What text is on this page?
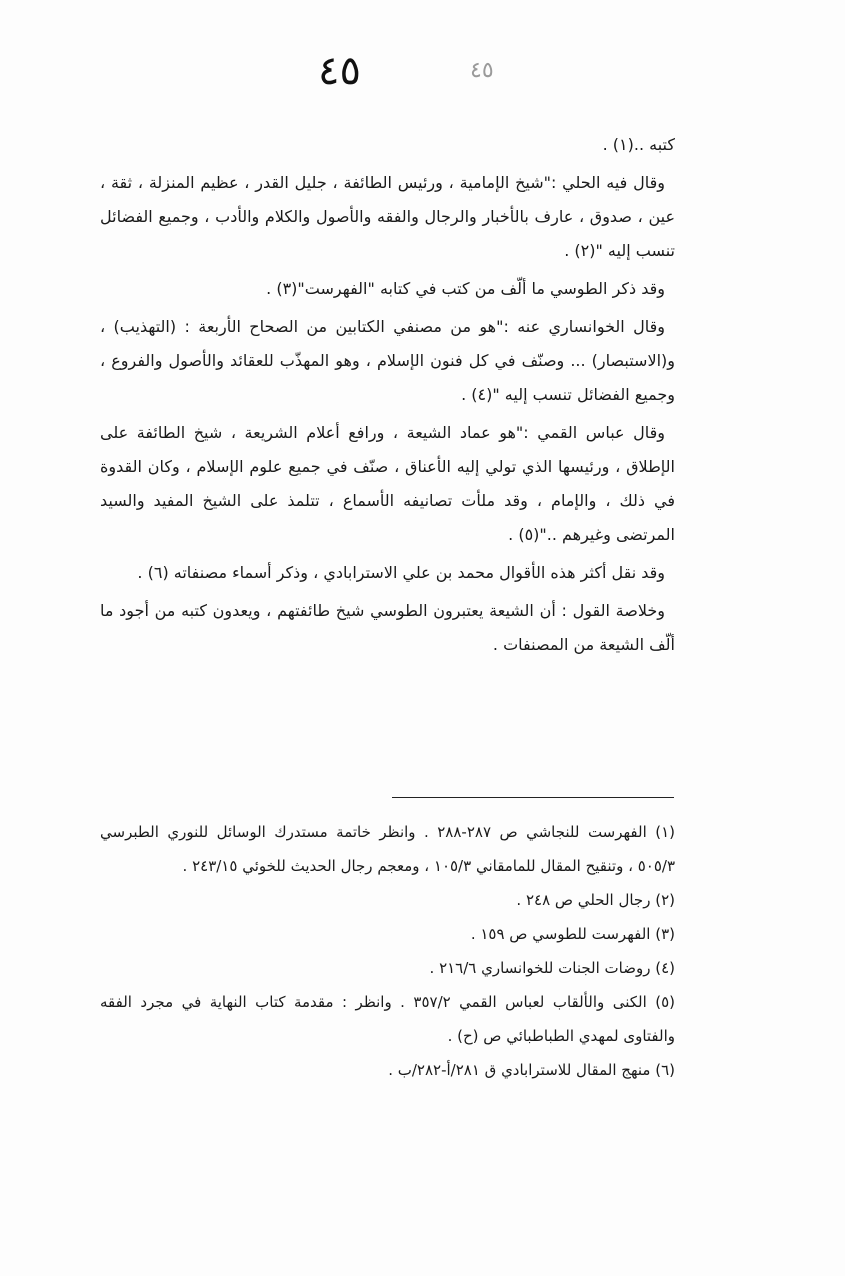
٤٥	٤٥

كتبه ..(١) .

وقال فيه الحلي :"شيخ الإمامية ، ورئيس الطائفة ، جليل القدر ، عظيم المنزلة ، ثقة ، عين ، صدوق ، عارف بالأخبار والرجال والفقه والأصول والكلام والأدب ، وجميع الفضائل تنسب إليه "(٢) .

وقد ذكر الطوسي ما ألّف من كتب في كتابه "الفهرست"(٣) .

وقال الخوانساري عنه :"هو من مصنفي الكتابين من الصحاح الأربعة : (التهذيب) ، و(الاستبصار) ... وصنّف في كل فنون الإسلام ، وهو المهذّب للعقائد والأصول والفروع ، وجميع الفضائل تنسب إليه "(٤) .

وقال عباس القمي :"هو عماد الشيعة ، ورافع أعلام الشريعة ، شيخ الطائفة على الإطلاق ، ورئيسها الذي تولي إليه الأعناق ، صنّف في جميع علوم الإسلام ، وكان القدوة في ذلك ، والإمام ، وقد ملأت تصانيفه الأسماع ، تتلمذ على الشيخ المفيد والسيد المرتضى وغيرهم .."(٥) .

وقد نقل أكثر هذه الأقوال محمد بن علي الاسترابادي ، وذكر أسماء مصنفاته (٦) .

وخلاصة القول : أن الشيعة يعتبرون الطوسي شيخ طائفتهم ، ويعدون كتبه من أجود ما ألّف الشيعة من المصنفات .

(١) الفهرست للنجاشي ص ٢٨٧-٢٨٨ . وانظر خاتمة مستدرك الوسائل للنوري الطبرسي ٥٠٥/٣ ، وتنقيح المقال للمامقاني ١٠٥/٣ ، ومعجم رجال الحديث للخوئي ٢٤٣/١٥ .

(٢) رجال الحلي ص ٢٤٨ .

(٣) الفهرست للطوسي ص ١٥٩ .

(٤) روضات الجنات للخوانساري ٢١٦/٦ .

(٥) الكنى والألقاب لعباس القمي ٣٥٧/٢ . وانظر : مقدمة كتاب النهاية في مجرد الفقه والفتاوى لمهدي الطباطبائي ص (ح) .

(٦) منهج المقال للاسترابادي ق ٢٨١/أ-٢٨٢/ب .
